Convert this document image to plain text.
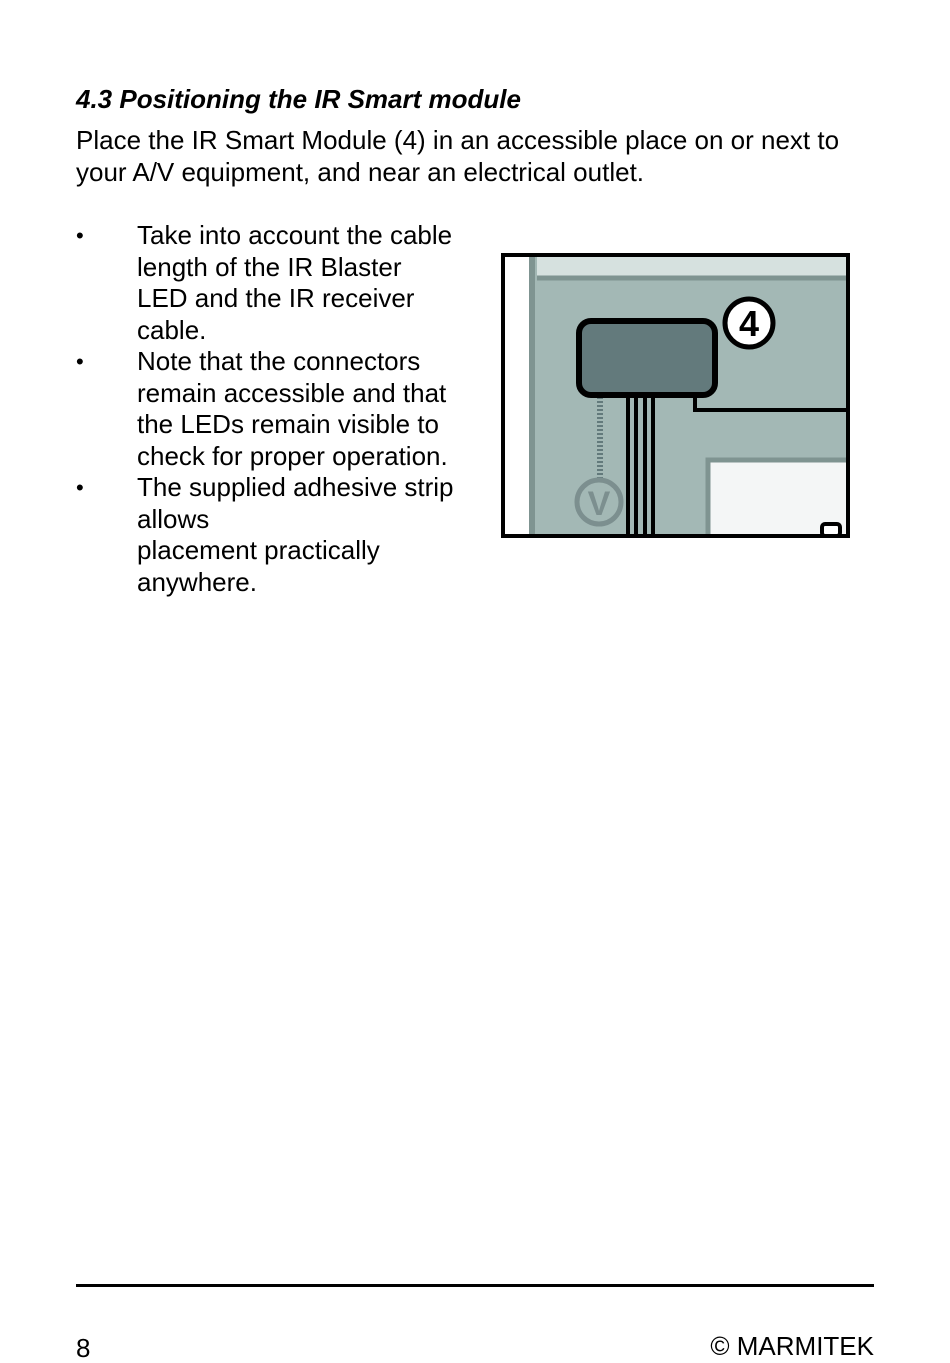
4.3 Positioning the IR Smart module

Place the IR Smart Module (4) in an accessible place on or next to your A/V equipment, and near an electrical outlet.

•	Take into account the cable
length of the IR Blaster
LED and the IR receiver
cable.
•	Note that the connectors
remain accessible and that
the LEDs remain visible to
check for proper operation.
•	The supplied adhesive strip
allows
placement practically
anywhere.
4
V
8	© MARMITEK
